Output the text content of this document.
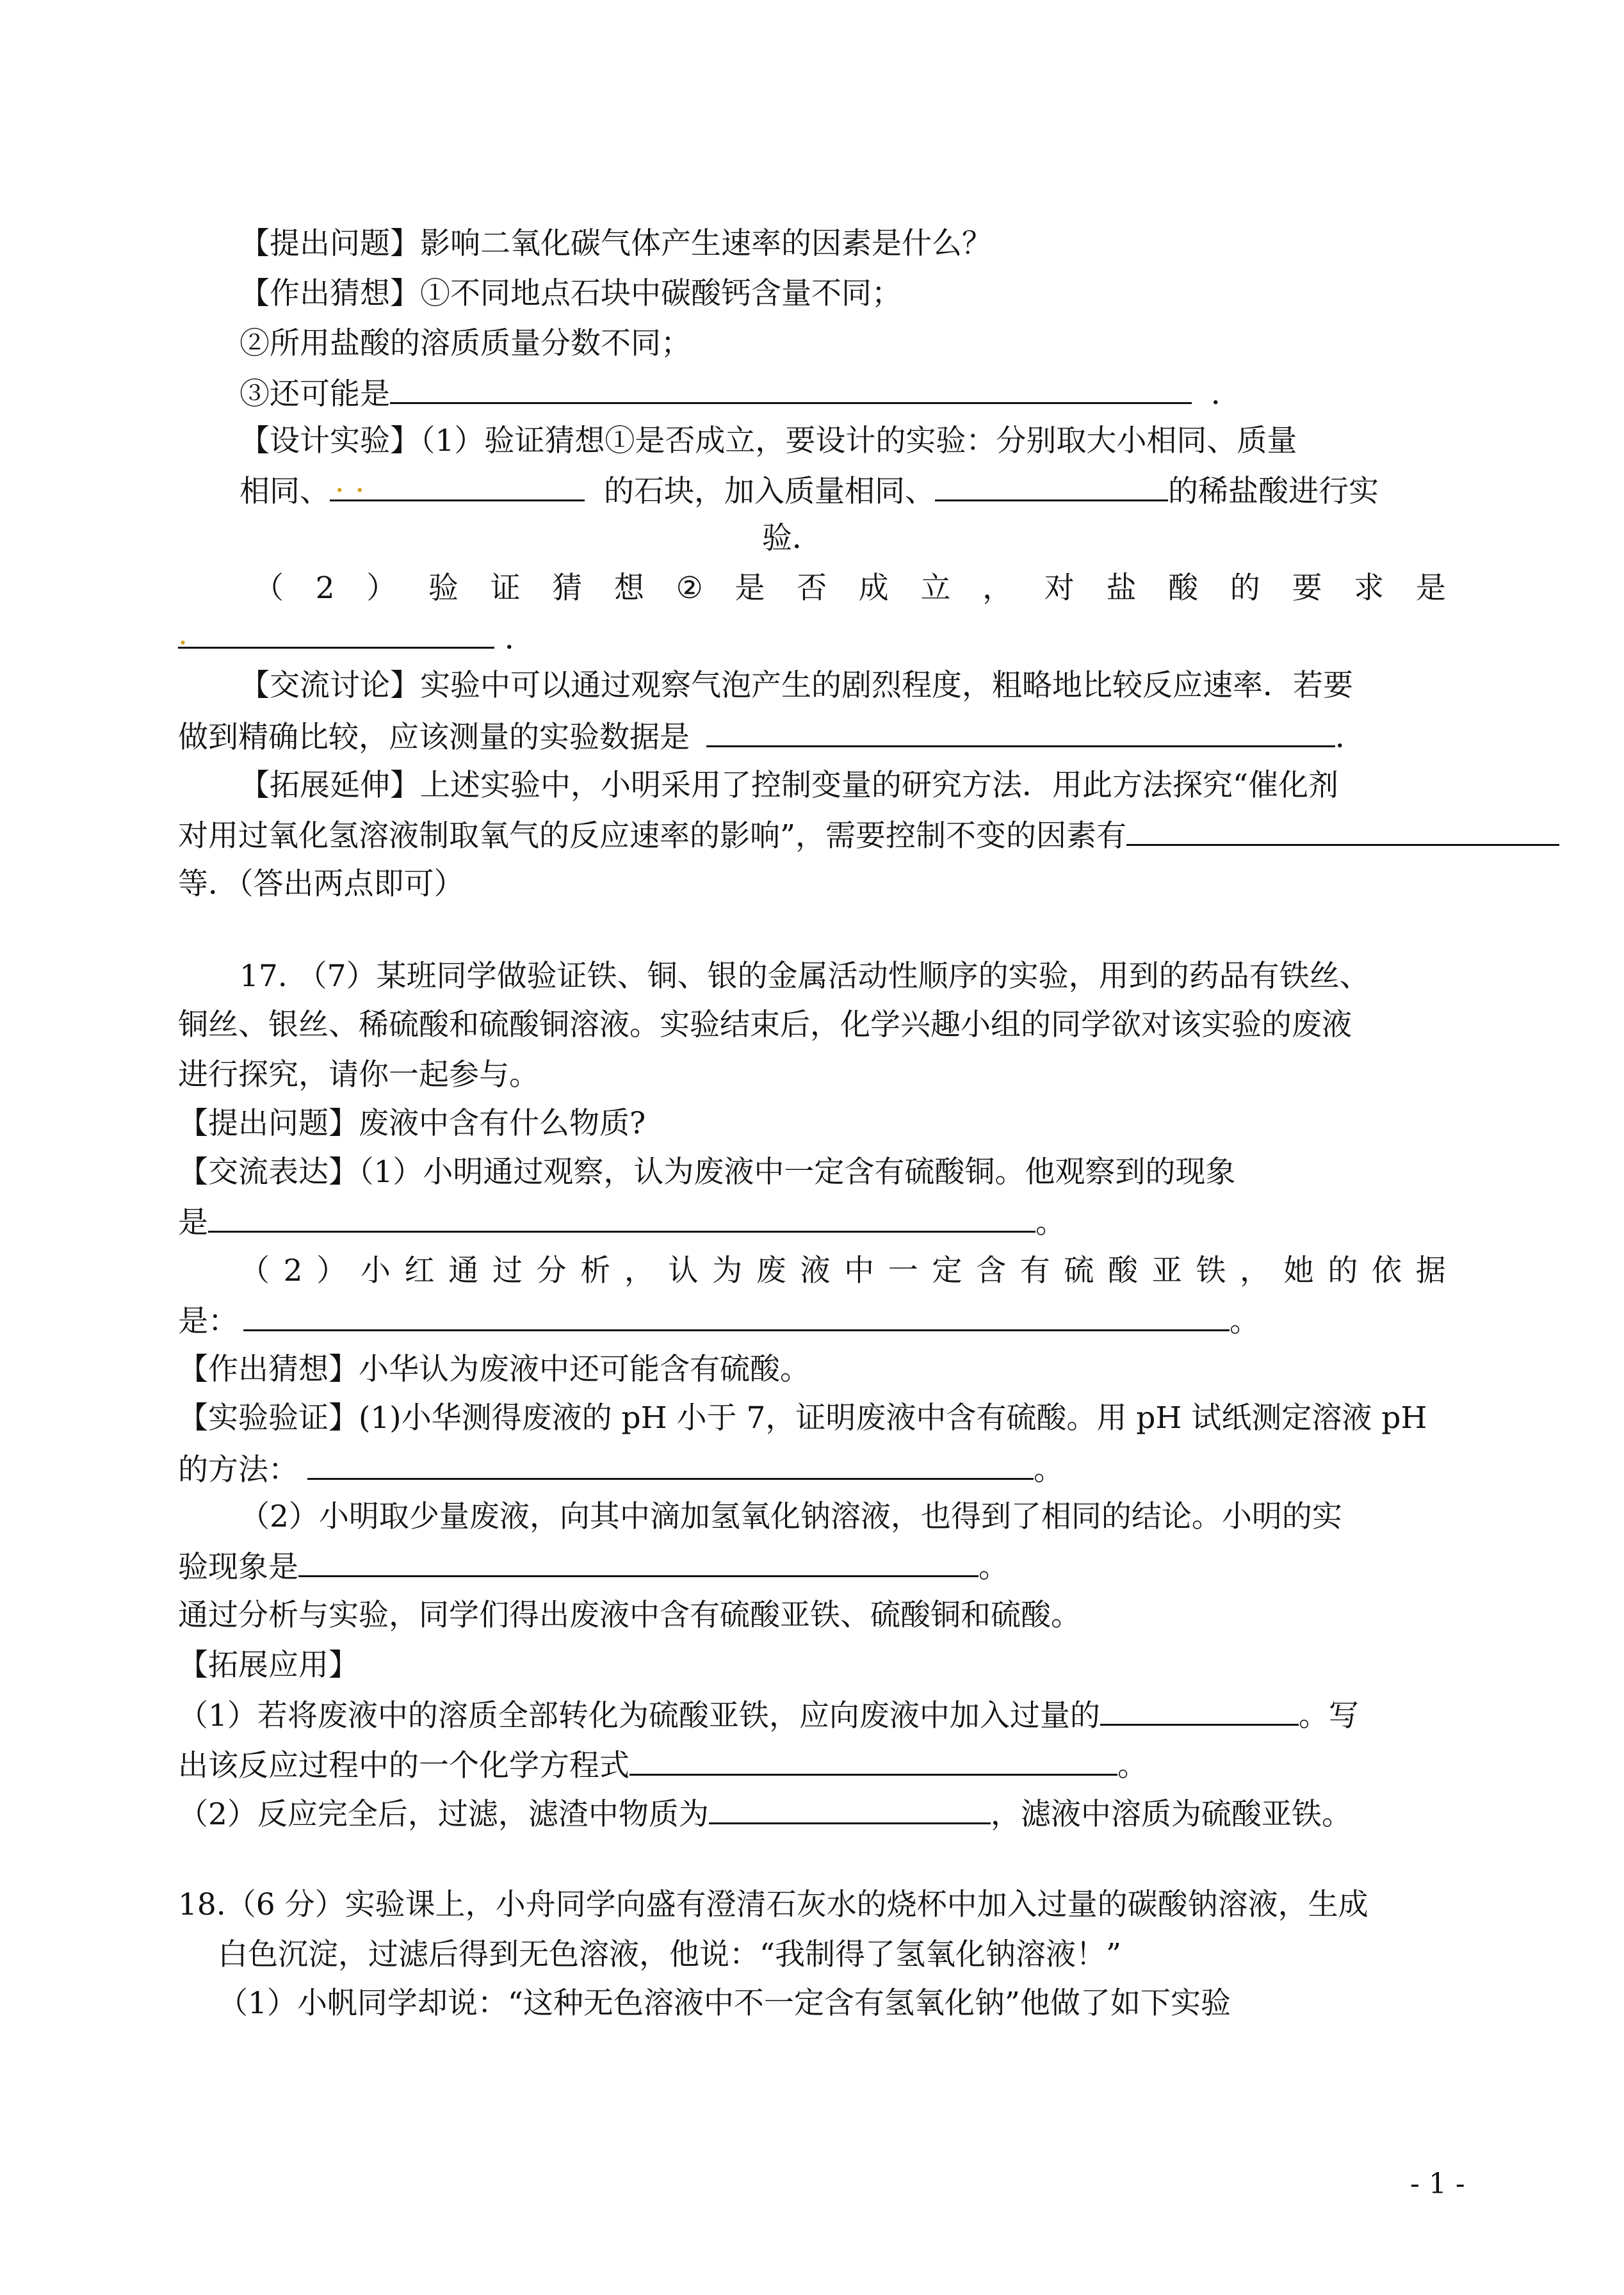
【提出问题】影响二氧化碳气体产生速率的因素是什么？
【作出猜想】①不同地点石块中碳酸钙含量不同；
②所用盐酸的溶质质量分数不同；
③还可能是	．
【设计实验】（1）验证猜想①是否成立，要设计的实验：分别取大小相同、质量
相同、 ．．	的石块，加入质量相同、	的稀盐酸进行实
验．
（ 2 ） 验 证 猜 想 ② 是 否 成 立 ， 对 盐 酸 的 要 求 是
.	．
【交流讨论】实验中可以通过观察气泡产生的剧烈程度，粗略地比较反应速率．若要
做到精确比较，应该测量的实验数据是	．
【拓展延伸】上述实验中，小明采用了控制变量的研究方法．用此方法探究“催化剂
对用过氧化氢溶液制取氧气的反应速率的影响”，需要控制不变的因素有
等．（答出两点即可）
17. （7）某班同学做验证铁、铜、银的金属活动性顺序的实验，用到的药品有铁丝、
铜丝、银丝、稀硫酸和硫酸铜溶液。实验结束后，化学兴趣小组的同学欲对该实验的废液
进行探究，请你一起参与。
【提出问题】废液中含有什么物质?
【交流表达】（1）小明通过观察，认为废液中一定含有硫酸铜。他观察到的现象
是	。
（ 2 ） 小 红 通 过 分 析 ， 认 为 废 液 中 一 定 含 有 硫 酸 亚 铁 ， 她 的 依 据
是：	。
【作出猜想】小华认为废液中还可能含有硫酸。
【实验验证】(1)小华测得废液的 pH 小于 7，证明废液中含有硫酸。用 pH 试纸测定溶液 pH
的方法：	。
（2）小明取少量废液，向其中滴加氢氧化钠溶液，也得到了相同的结论。小明的实
验现象是	。
通过分析与实验，同学们得出废液中含有硫酸亚铁、硫酸铜和硫酸。
【拓展应用】
（1）若将废液中的溶质全部转化为硫酸亚铁，应向废液中加入过量的	。写
出该反应过程中的一个化学方程式	。
（2）反应完全后，过滤，滤渣中物质为	，滤液中溶质为硫酸亚铁。
18.（6 分）实验课上，小舟同学向盛有澄清石灰水的烧杯中加入过量的碳酸钠溶液，生成
白色沉淀，过滤后得到无色溶液，他说：“我制得了氢氧化钠溶液！”
（1）小帆同学却说：“这种无色溶液中不一定含有氢氧化钠”他做了如下实验
- 1 -
